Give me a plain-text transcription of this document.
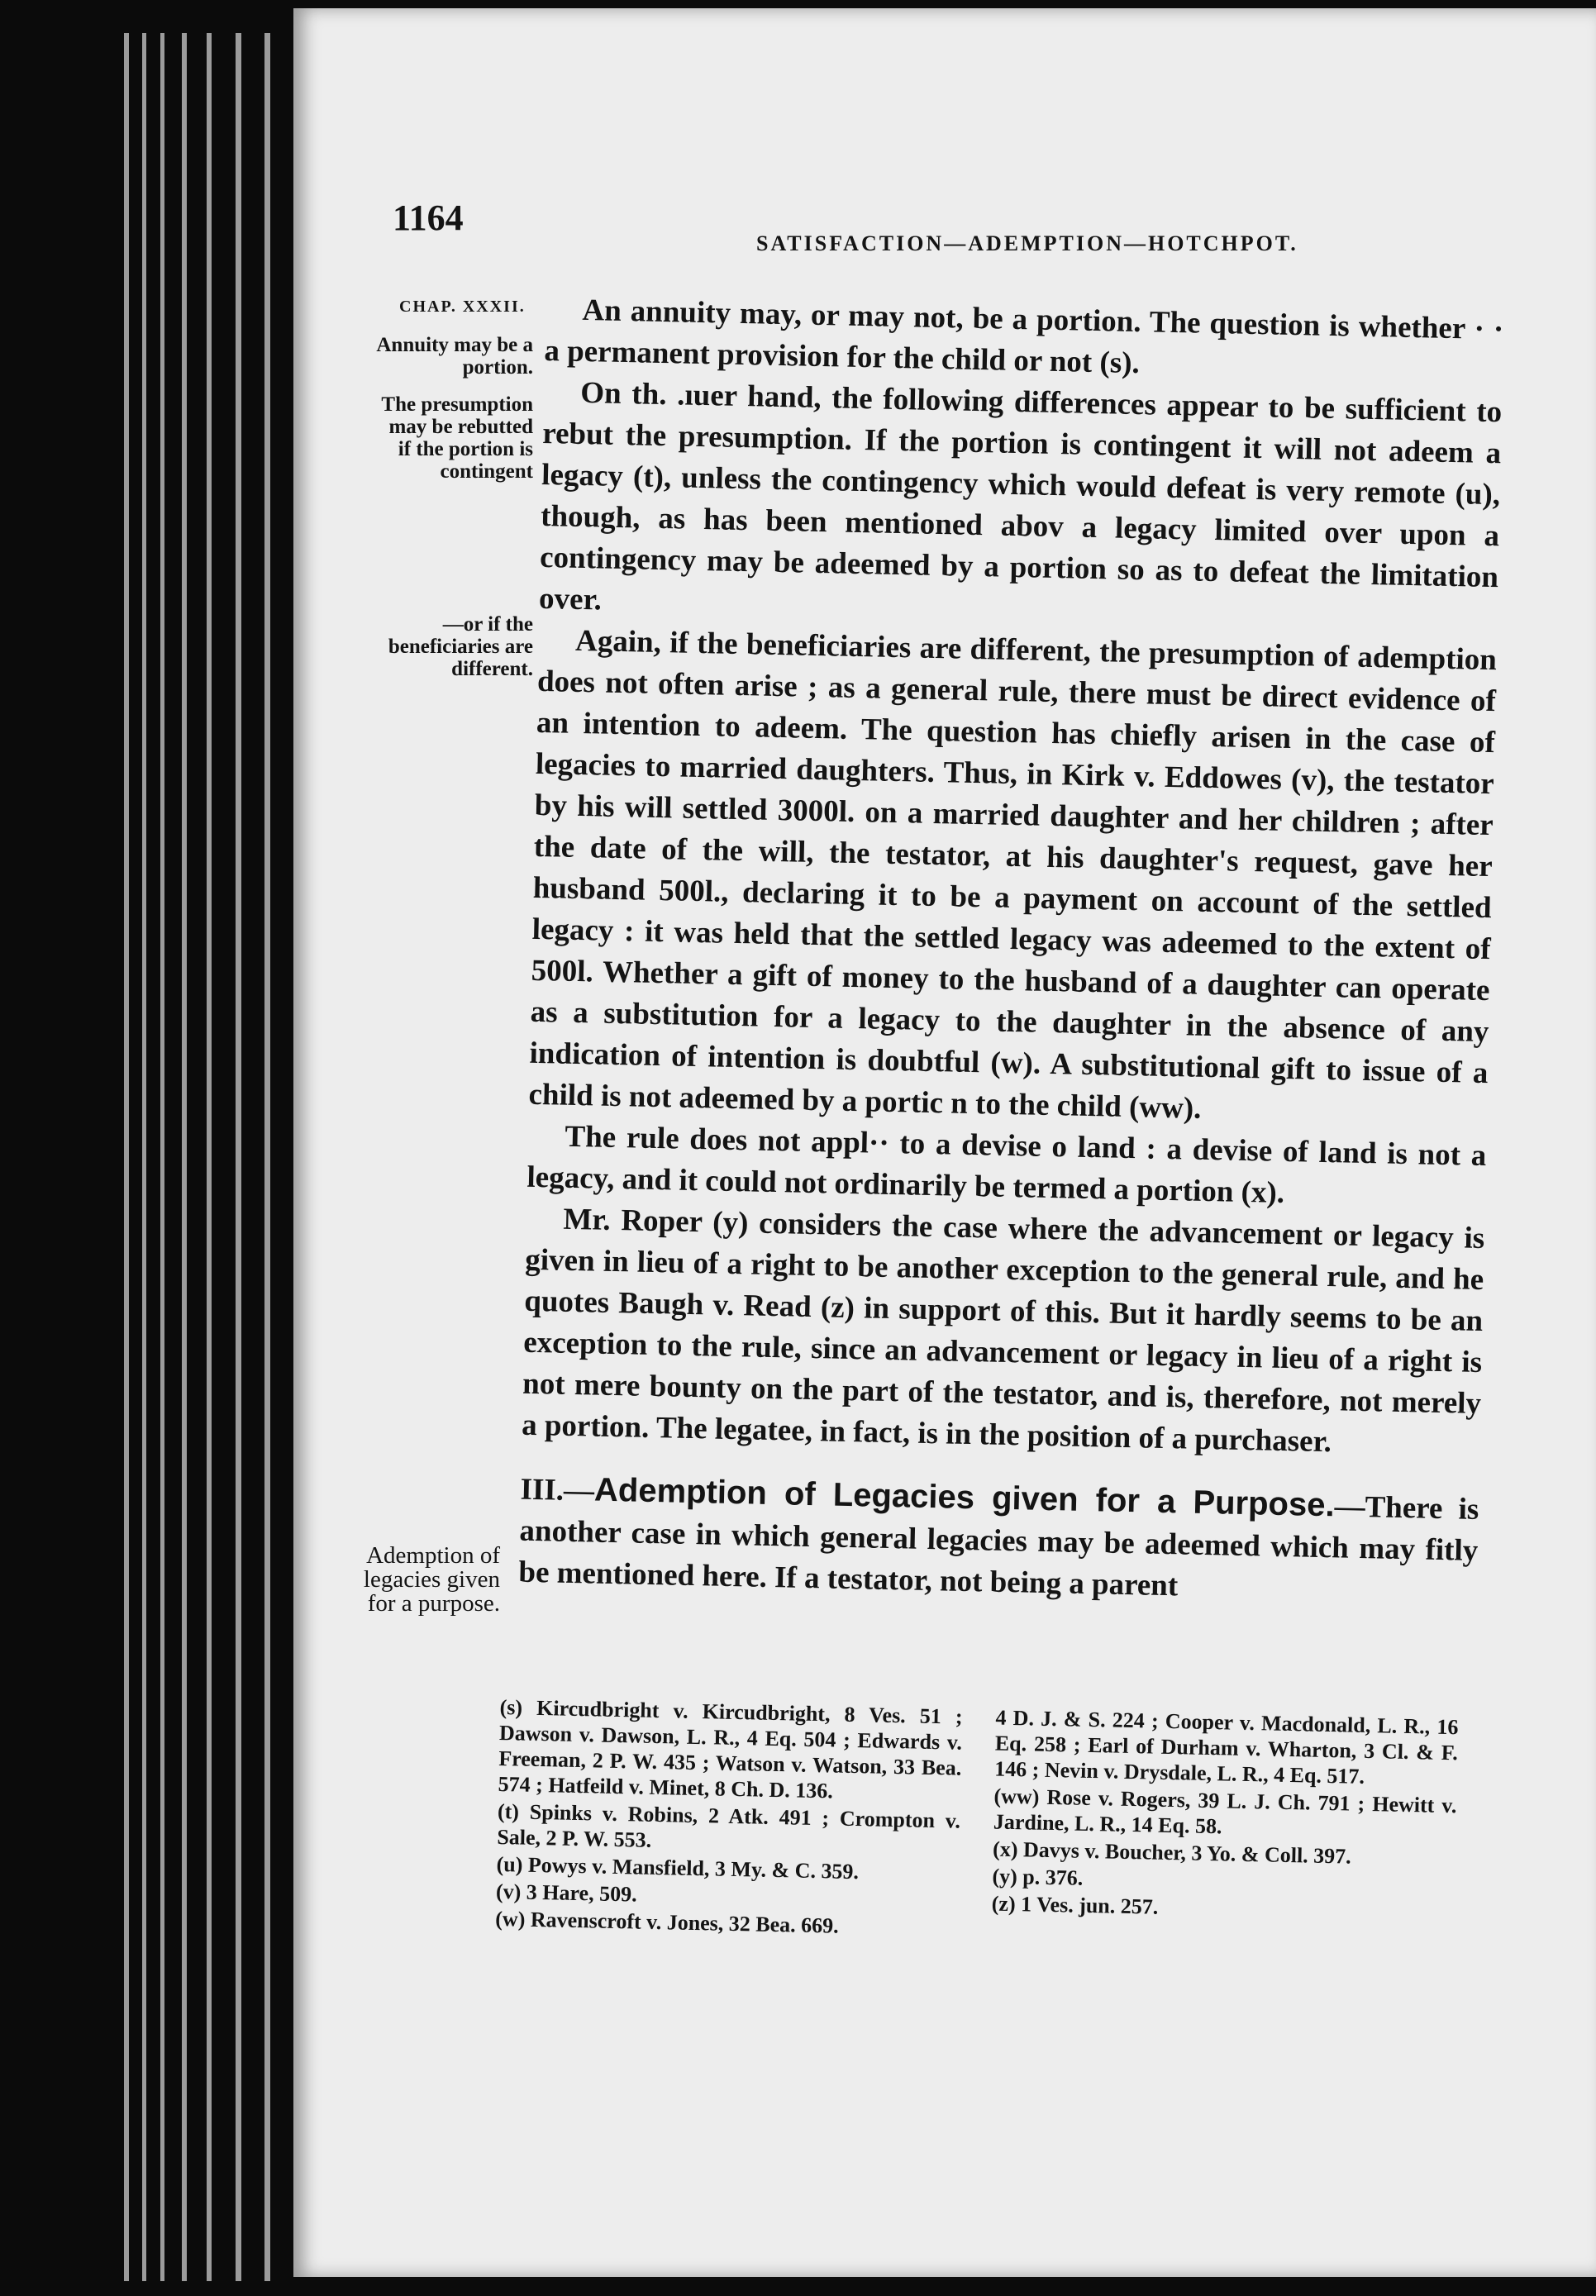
1164
SATISFACTION—ADEMPTION—HOTCHPOT.
CHAP. XXXII.
Annuity may be a portion.
The presumption may be rebutted if the portion is contingent
—or if the beneficiaries are different.
Ademption of legacies given for a purpose.

An annuity may, or may not, be a portion. The question is whether · · a permanent provision for the child or not (s).

On th. .ıuer hand, the following differences appear to be sufficient to rebut the presumption. If the portion is contingent it will not adeem a legacy (t), unless the contingency which would defeat is very remote (u), though, as has been mentioned abov a legacy limited over upon a contingency may be adeemed by a portion so as to defeat the limitation over.

Again, if the beneficiaries are different, the presumption of ademption does not often arise ; as a general rule, there must be direct evidence of an intention to adeem. The question has chiefly arisen in the case of legacies to married daughters. Thus, in Kirk v. Eddowes (v), the testator by his will settled 3000l. on a married daughter and her children ; after the date of the will, the testator, at his daughter's request, gave her husband 500l., declaring it to be a payment on account of the settled legacy : it was held that the settled legacy was adeemed to the extent of 500l. Whether a gift of money to the husband of a daughter can operate as a substitution for a legacy to the daughter in the absence of any indication of intention is doubtful (w). A substitutional gift to issue of a child is not adeemed by a portic n to the child (ww).

The rule does not appl·· to a devise o land : a devise of land is not a legacy, and it could not ordinarily be termed a portion (x).

Mr. Roper (y) considers the case where the advancement or legacy is given in lieu of a right to be another exception to the general rule, and he quotes Baugh v. Read (z) in support of this. But it hardly seems to be an exception to the rule, since an advancement or legacy in lieu of a right is not mere bounty on the part of the testator, and is, therefore, not merely a portion. The legatee, in fact, is in the position of a purchaser.

III.—Ademption of Legacies given for a Purpose.—There is another case in which general legacies may be adeemed which may fitly be mentioned here. If a testator, not being a parent

(s) Kircudbright v. Kircudbright, 8 Ves. 51 ; Dawson v. Dawson, L. R., 4 Eq. 504 ; Edwards v. Freeman, 2 P. W. 435 ; Watson v. Watson, 33 Bea. 574 ; Hatfeild v. Minet, 8 Ch. D. 136.

(t) Spinks v. Robins, 2 Atk. 491 ; Crompton v. Sale, 2 P. W. 553.

(u) Powys v. Mansfield, 3 My. & C. 359.

(v) 3 Hare, 509.

(w) Ravenscroft v. Jones, 32 Bea. 669.

4 D. J. & S. 224 ; Cooper v. Macdonald, L. R., 16 Eq. 258 ; Earl of Durham v. Wharton, 3 Cl. & F. 146 ; Nevin v. Drysdale, L. R., 4 Eq. 517.

(ww) Rose v. Rogers, 39 L. J. Ch. 791 ; Hewitt v. Jardine, L. R., 14 Eq. 58.

(x) Davys v. Boucher, 3 Yo. & Coll. 397.

(y) p. 376.

(z) 1 Ves. jun. 257.
